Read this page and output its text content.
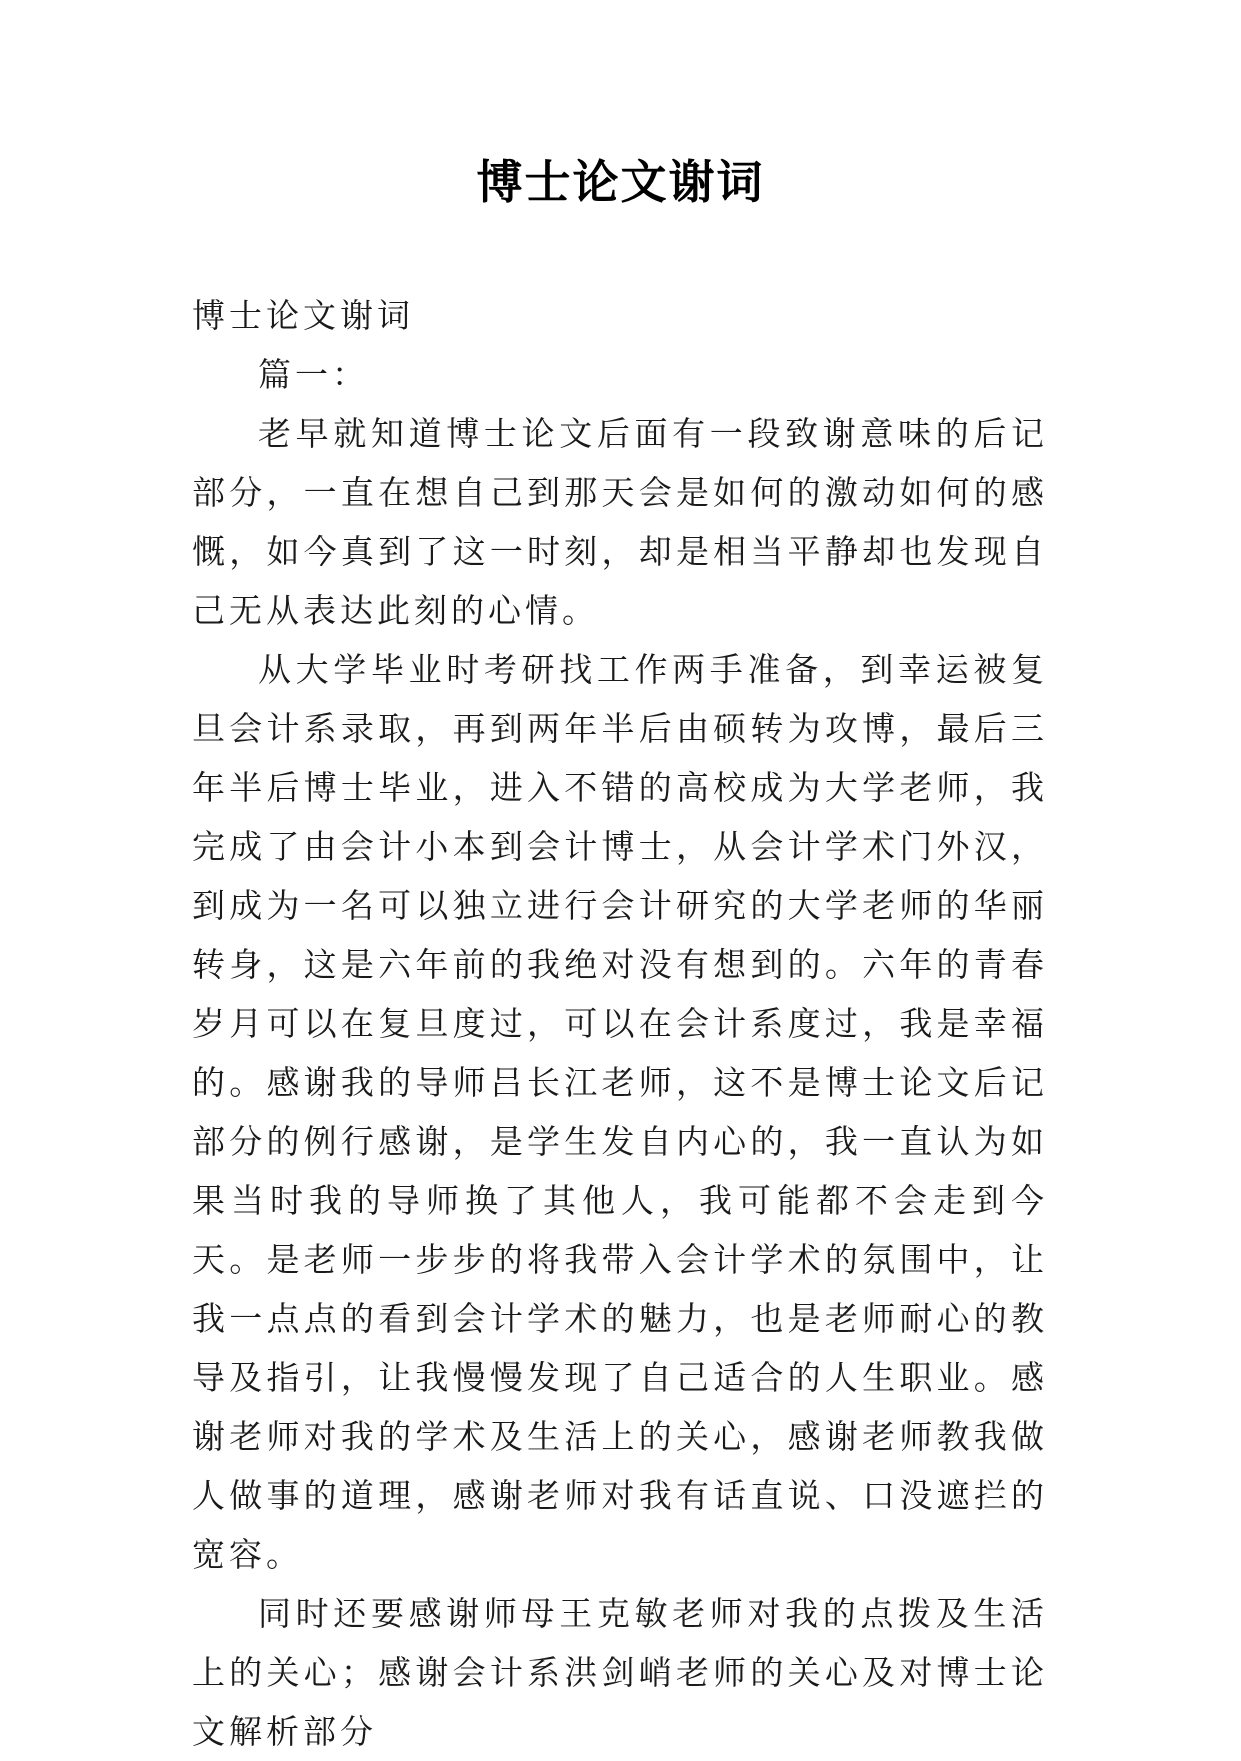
博士论文谢词

博士论文谢词

篇一：

老早就知道博士论文后面有一段致谢意味的后记部分，一直在想自己到那天会是如何的激动如何的感慨，如今真到了这一时刻，却是相当平静却也发现自己无从表达此刻的心情。

从大学毕业时考研找工作两手准备，到幸运被复旦会计系录取，再到两年半后由硕转为攻博，最后三年半后博士毕业，进入不错的高校成为大学老师，我完成了由会计小本到会计博士，从会计学术门外汉，到成为一名可以独立进行会计研究的大学老师的华丽转身，这是六年前的我绝对没有想到的。六年的青春岁月可以在复旦度过，可以在会计系度过，我是幸福的。感谢我的导师吕长江老师，这不是博士论文后记部分的例行感谢，是学生发自内心的，我一直认为如果当时我的导师换了其他人，我可能都不会走到今天。是老师一步步的将我带入会计学术的氛围中，让我一点点的看到会计学术的魅力，也是老师耐心的教导及指引，让我慢慢发现了自己适合的人生职业。感谢老师对我的学术及生活上的关心，感谢老师教我做人做事的道理，感谢老师对我有话直说、口没遮拦的宽容。

同时还要感谢师母王克敏老师对我的点拨及生活上的关心；感谢会计系洪剑峭老师的关心及对博士论文解析部分
